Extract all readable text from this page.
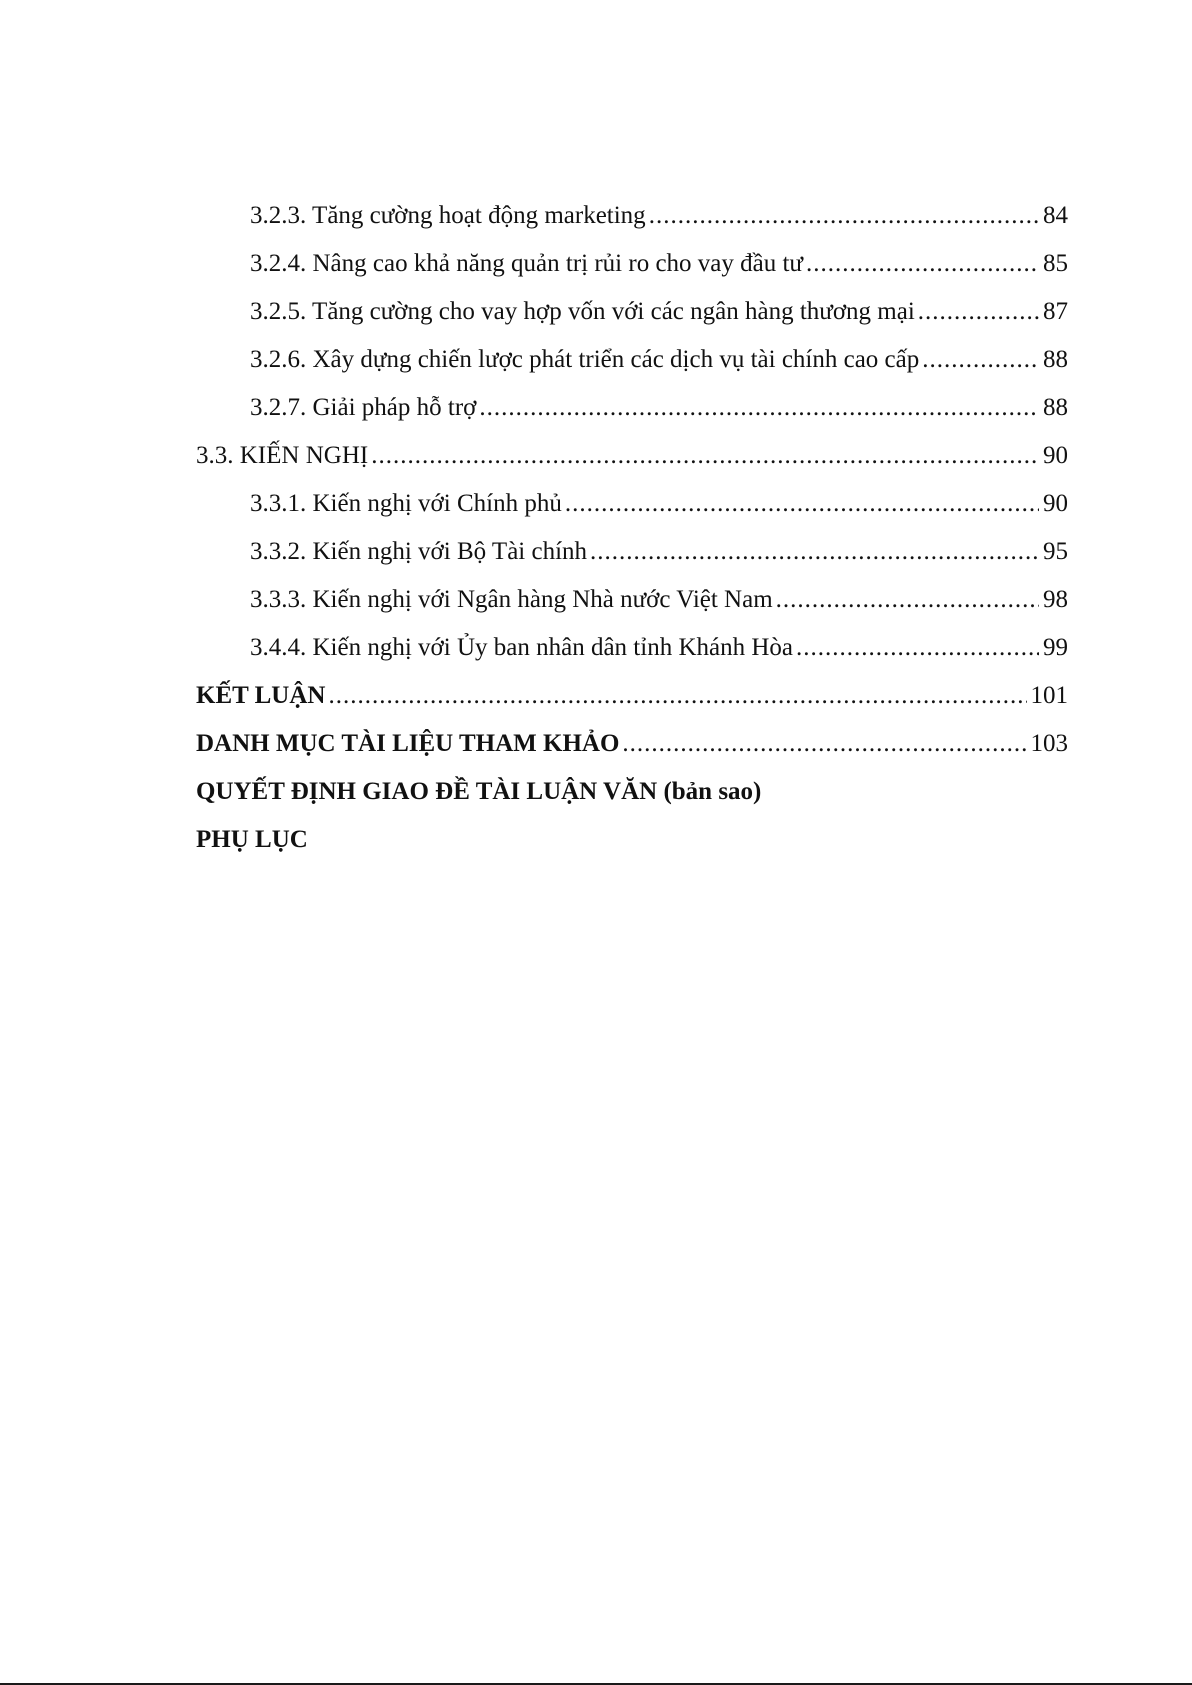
3.2.3. Tăng cường hoạt động marketing .....	84
3.2.4. Nâng cao khả năng quản trị rủi ro cho vay đầu tư .....	85
3.2.5. Tăng cường cho vay hợp vốn với các ngân hàng thương mại .....	87
3.2.6. Xây dựng chiến lược phát triển các dịch vụ tài chính cao cấp .....	88
3.2.7. Giải pháp hỗ trợ .....	88
3.3. KIẾN NGHỊ .....	90
3.3.1. Kiến nghị với Chính phủ .....	90
3.3.2. Kiến nghị với Bộ Tài chính .....	95
3.3.3. Kiến nghị với Ngân hàng Nhà nước Việt Nam .....	98
3.4.4. Kiến nghị với Ủy ban nhân dân tỉnh Khánh Hòa .....	99
KẾT LUẬN .....	101
DANH MỤC TÀI LIỆU THAM KHẢO .....	103
QUYẾT ĐỊNH GIAO ĐỀ TÀI LUẬN VĂN (bản sao)
PHỤ LỤC
